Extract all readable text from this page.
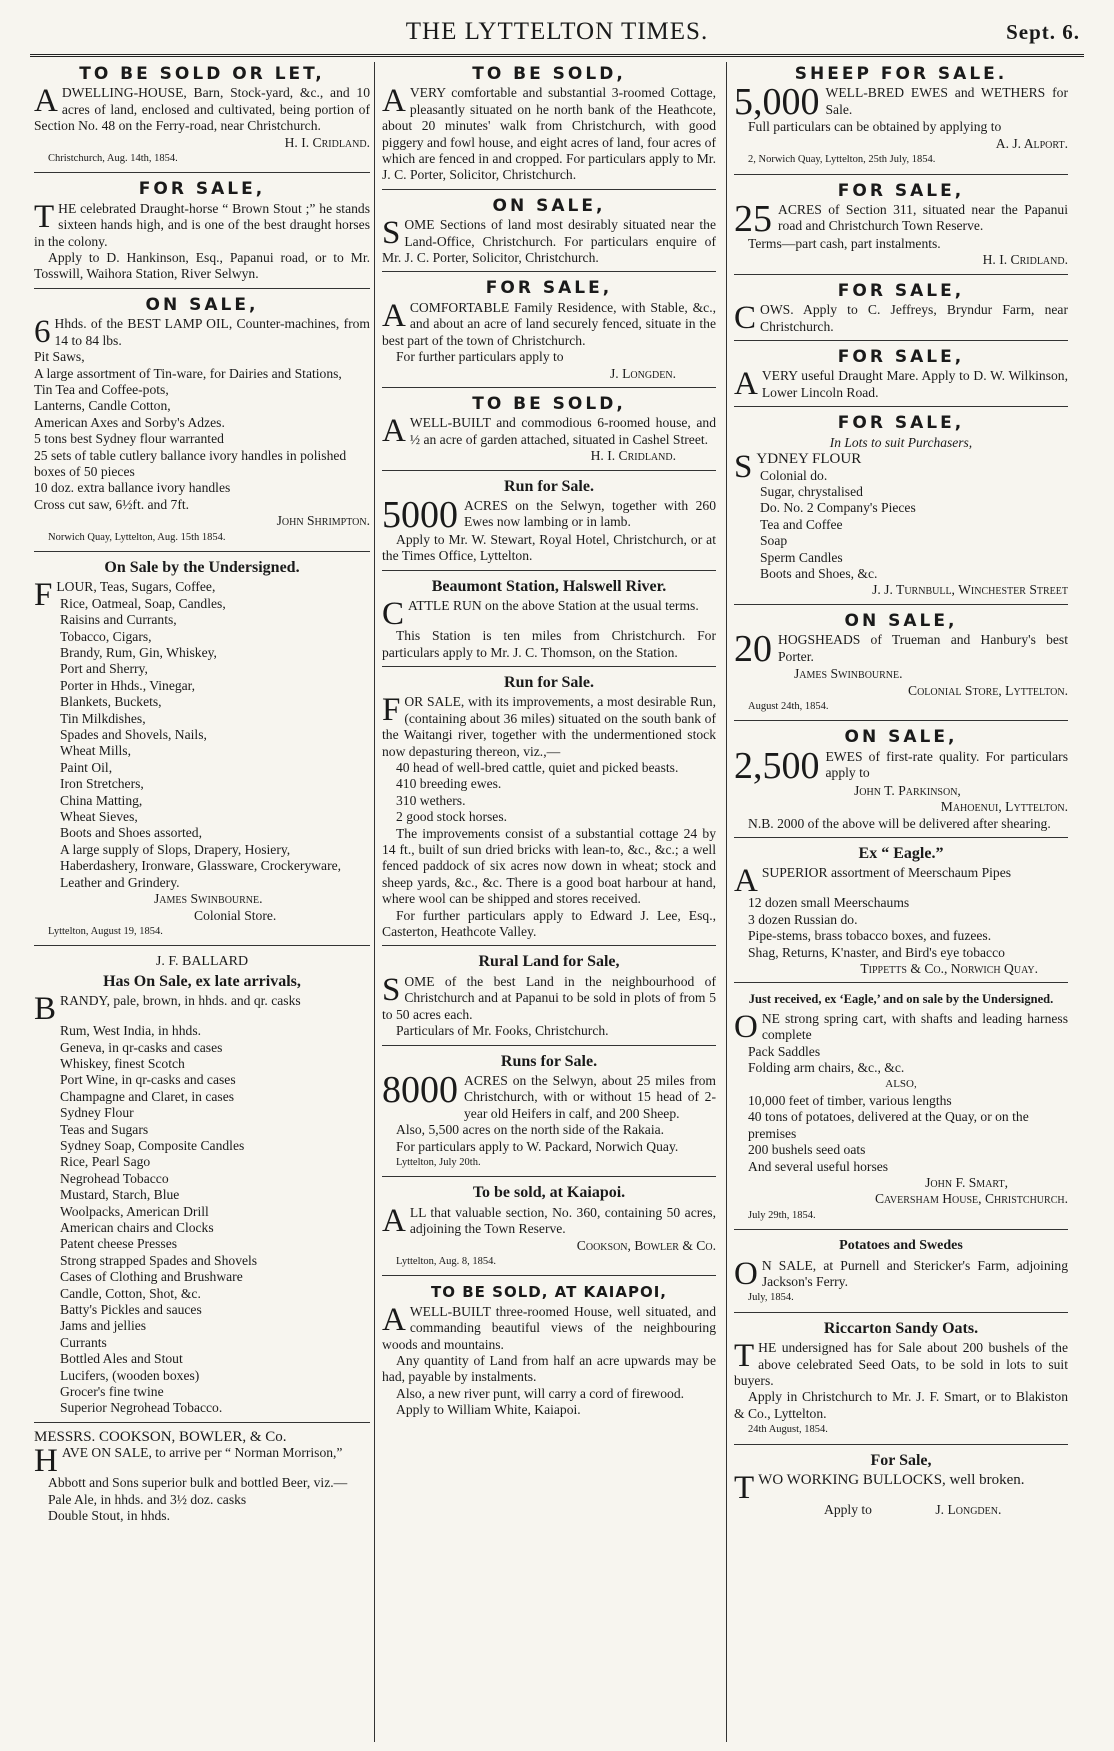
THE LYTTELTON TIMES.	Sept. 6.
TO BE SOLD OR LET,

ADWELLING-HOUSE, Barn, Stock-yard, &c., and 10 acres of land, enclosed and cultivated, being portion of Section No. 48 on the Ferry-road, near Christchurch.

H. I. Cridland.
Christchurch, Aug. 14th, 1854.
FOR SALE,

THE celebrated Draught-horse “ Brown Stout ;” he stands sixteen hands high, and is one of the best draught horses in the colony.

Apply to D. Hankinson, Esq., Papanui road, or to Mr. Tosswill, Waihora Station, River Selwyn.

ON SALE,

6 Hhds. of the BEST LAMP OIL, Counter-machines, from 14 to 84 lbs.

Pit Saws,
A large assortment of Tin-ware, for Dairies and Stations,
Tin Tea and Coffee-pots,
Lanterns, Candle Cotton,
American Axes and Sorby's Adzes.
5 tons best Sydney flour warranted
25 sets of table cutlery ballance ivory handles in polished boxes of 50 pieces
10 doz. extra ballance ivory handles
Cross cut saw, 6½ft. and 7ft.
John Shrimpton.
Norwich Quay, Lyttelton, Aug. 15th 1854.
On Sale by the Undersigned.

FLOUR, Teas, Sugars, Coffee,

Rice, Oatmeal, Soap, Candles,
Raisins and Currants,
Tobacco, Cigars,
Brandy, Rum, Gin, Whiskey,
Port and Sherry,
Porter in Hhds., Vinegar,
Blankets, Buckets,
Tin Milkdishes,
Spades and Shovels, Nails,
Wheat Mills,
Paint Oil,
Iron Stretchers,
China Matting,
Wheat Sieves,
Boots and Shoes assorted,
A large supply of Slops, Drapery, Hosiery, Haberdashery, Ironware, Glassware, Crockeryware, Leather and Grindery.
James Swinbourne.
Colonial Store.
Lyttelton, August 19, 1854.
J. F. BALLARD
Has On Sale, ex late arrivals,

BRANDY, pale, brown, in hhds. and qr. casks

Rum, West India, in hhds.
Geneva, in qr-casks and cases
Whiskey, finest Scotch
Port Wine, in qr-casks and cases
Champagne and Claret, in cases
Sydney Flour
Teas and Sugars
Sydney Soap, Composite Candles
Rice, Pearl Sago
Negrohead Tobacco
Mustard, Starch, Blue
Woolpacks, American Drill
American chairs and Clocks
Patent cheese Presses
Strong strapped Spades and Shovels
Cases of Clothing and Brushware
Candle, Cotton, Shot, &c.
Batty's Pickles and sauces
Jams and jellies
Currants
Bottled Ales and Stout
Lucifers, (wooden boxes)
Grocer's fine twine
Superior Negrohead Tobacco.
MESSRS. COOKSON, BOWLER, & Co.

HAVE ON SALE, to arrive per “ Norman Morrison,”

Abbott and Sons superior bulk and bottled Beer, viz.—
Pale Ale, in hhds. and 3½ doz. casks
Double Stout, in hhds.
TO BE SOLD,

AVERY comfortable and substantial 3-roomed Cottage, pleasantly situated on he north bank of the Heathcote, about 20 minutes' walk from Christchurch, with good piggery and fowl house, and eight acres of land, four acres of which are fenced in and cropped. For particulars apply to Mr. J. C. Porter, Solicitor, Christchurch.

ON SALE,

SOME Sections of land most desirably situated near the Land-Office, Christchurch. For particulars enquire of Mr. J. C. Porter, Solicitor, Christchurch.

FOR SALE,

ACOMFORTABLE Family Residence, with Stable, &c., and about an acre of land securely fenced, situate in the best part of the town of Christchurch.

For further particulars apply to

J. Longden.
TO BE SOLD,

AWELL-BUILT and commodious 6-roomed house, and ½ an acre of garden attached, situated in Cashel Street.

H. I. Cridland.
Run for Sale.

5000 ACRES on the Selwyn, together with 260 Ewes now lambing or in lamb.

Apply to Mr. W. Stewart, Royal Hotel, Christchurch, or at the Times Office, Lyttelton.

Beaumont Station, Halswell River.

CATTLE RUN on the above Station at the usual terms.

This Station is ten miles from Christchurch. For particulars apply to Mr. J. C. Thomson, on the Station.

Run for Sale.

FOR SALE, with its improvements, a most desirable Run, (containing about 36 miles) situated on the south bank of the Waitangi river, together with the undermentioned stock now depasturing thereon, viz.,—

40 head of well-bred cattle, quiet and picked beasts.
410 breeding ewes.
310 wethers.
2 good stock horses.

The improvements consist of a substantial cottage 24 by 14 ft., built of sun dried bricks with lean-to, &c., &c.; a well fenced paddock of six acres now down in wheat; stock and sheep yards, &c., &c. There is a good boat harbour at hand, where wool can be shipped and stores received.

For further particulars apply to Edward J. Lee, Esq., Casterton, Heathcote Valley.

Rural Land for Sale,

SOME of the best Land in the neighbourhood of Christchurch and at Papanui to be sold in plots of from 5 to 50 acres each.

Particulars of Mr. Fooks, Christchurch.

Runs for Sale.

8000 ACRES on the Selwyn, about 25 miles from Christchurch, with or without 15 head of 2-year old Heifers in calf, and 200 Sheep.

Also, 5,500 acres on the north side of the Rakaia.

For particulars apply to W. Packard, Norwich Quay.

Lyttelton, July 20th.
To be sold, at Kaiapoi.

ALL that valuable section, No. 360, containing 50 acres, adjoining the Town Reserve.

Cookson, Bowler & Co.
Lyttelton, Aug. 8, 1854.
TO BE SOLD, AT KAIAPOI,

AWELL-BUILT three-roomed House, well situated, and commanding beautiful views of the neighbouring woods and mountains.

Any quantity of Land from half an acre upwards may be had, payable by instalments.

Also, a new river punt, will carry a cord of firewood.

Apply to William White, Kaiapoi.
SHEEP FOR SALE.

5,000 WELL-BRED EWES and WETHERS for Sale.

Full particulars can be obtained by applying to

A. J. Alport.
2, Norwich Quay, Lyttelton, 25th July, 1854.
FOR SALE,

25 ACRES of Section 311, situated near the Papanui road and Christchurch Town Reserve.

Terms—part cash, part instalments.

H. I. Cridland.
FOR SALE,

COWS. Apply to C. Jeffreys, Bryndur Farm, near Christchurch.

FOR SALE,

AVERY useful Draught Mare. Apply to D. W. Wilkinson, Lower Lincoln Road.

FOR SALE,
In Lots to suit Purchasers,

SYDNEY FLOUR

Colonial do.
Sugar, chrystalised
Do. No. 2 Company's Pieces
Tea and Coffee
Soap
Sperm Candles
Boots and Shoes, &c.
J. J. Turnbull, Winchester Street
ON SALE,

20 HOGSHEADS of Trueman and Hanbury's best Porter.

James Swinbourne.
Colonial Store, Lyttelton.
August 24th, 1854.
ON SALE,

2,500 EWES of first-rate quality. For particulars apply to

John T. Parkinson,
Mahoenui, Lyttelton.

N.B. 2000 of the above will be delivered after shearing.

Ex “ Eagle.”

ASUPERIOR assortment of Meerschaum Pipes

12 dozen small Meerschaums
3 dozen Russian do.
Pipe-stems, brass tobacco boxes, and fuzees.
Shag, Returns, K'naster, and Bird's eye tobacco
Tippetts & Co., Norwich Quay.
Just received, ex ‘Eagle,’ and on sale by the Undersigned.

ONE strong spring cart, with shafts and leading harness complete

Pack Saddles
Folding arm chairs, &c., &c.
ALSO,
10,000 feet of timber, various lengths
40 tons of potatoes, delivered at the Quay, or on the premises
200 bushels seed oats
And several useful horses
John F. Smart,
Caversham House, Christchurch.
July 29th, 1854.
Potatoes and Swedes

O N SALE, at Purnell and Stericker's Farm, adjoining Jackson's Ferry.

July, 1854.
Riccarton Sandy Oats.

THE undersigned has for Sale about 200 bushels of the above celebrated Seed Oats, to be sold in lots to suit buyers.

Apply in Christchurch to Mr. J. F. Smart, or to Blakiston & Co., Lyttelton.

24th August, 1854.
For Sale,

TWO WORKING BULLOCKS, well broken.

Apply to	J. Longden.
